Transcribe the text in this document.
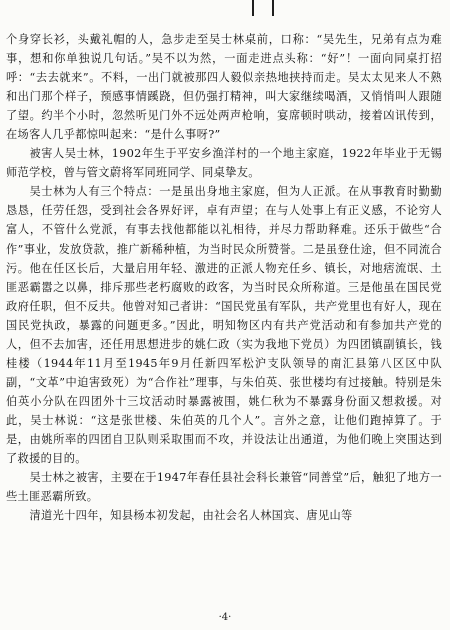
个身穿长衫，头戴礼帽的人，急步走至吴士林桌前，口称：“吴先生，兄弟有点为难事，想和你单独说几句话。”吴不以为然，一面走进点头称：“好”！一面向同桌打招呼：“去去就来”。不料，一出门就被那四人毅似亲热地挟持而走。吴太太见来人不熟和出门那个样子，预感事情蹊跷，但仍强打精神，叫大家继续喝酒，又悄悄叫人跟随了望。约半个小时，忽然听见门外不远处两声枪响，宴席顿时哄动，接着凶讯传到，在场客人几乎都惊叫起来：“是什么事呀?”

被害人吴士林，1902年生于平安乡渔洋村的一个地主家庭，1922年毕业于无锡师范学校，曾与管文蔚将军同班同学、同桌挚友。

吴士林为人有三个特点：一是虽出身地主家庭，但为人正派。在从事教育时勤勤恳恳，任劳任怨，受到社会各界好评，卓有声望；在与人处事上有正义感，不论穷人富人，不管什么党派，有事去找他都能以礼相待，并尽力帮助释难。还乐于做些“合作”事业，发放贷款，推广新稀种植，为当时民众所赞誉。二是虽登仕途，但不同流合污。他在任区长后，大量启用年轻、激进的正派人物充任乡、镇长，对地痞流氓、土匪恶霸嚣之以鼻，排斥那些老朽腐败的政客，为当时民众所称道。三是他虽在国民党政府任职，但不反共。他曾对知己者讲：“国民党虽有军队，共产党里也有好人，现在国民党执政，暴露的问题更多。”因此，明知物区内有共产党活动和有参加共产党的人，但不去加害，还任用思想进步的姚仁政（实为我地下党员）为四团镇副镇长，钱桂楼（1944年11月至1945年9月任新四军松沪支队领导的南汇县第八区区中队副，“文革”中迫害致死）为“合作社”理事，与朱伯英、张世楼均有过接触。特别是朱伯英小分队在四团外十三坟活动时暴露被围，姚仁秋为不暴露身份面又想救援。对此，吴士林说：“这是张世楼、朱伯英的几个人”。言外之意，让他们跑掉算了。于是，由姚所率的四团自卫队则采取围而不攻，并设法让出通道，为他们晚上突围达到了救援的目的。

吴士林之被害，主要在于1947年春任县社会科长兼管“同善堂”后，触犯了地方一些土匪恶霸所致。

清道光十四年，知县杨本初发起，由社会名人林国宾、唐见山等

·4·
